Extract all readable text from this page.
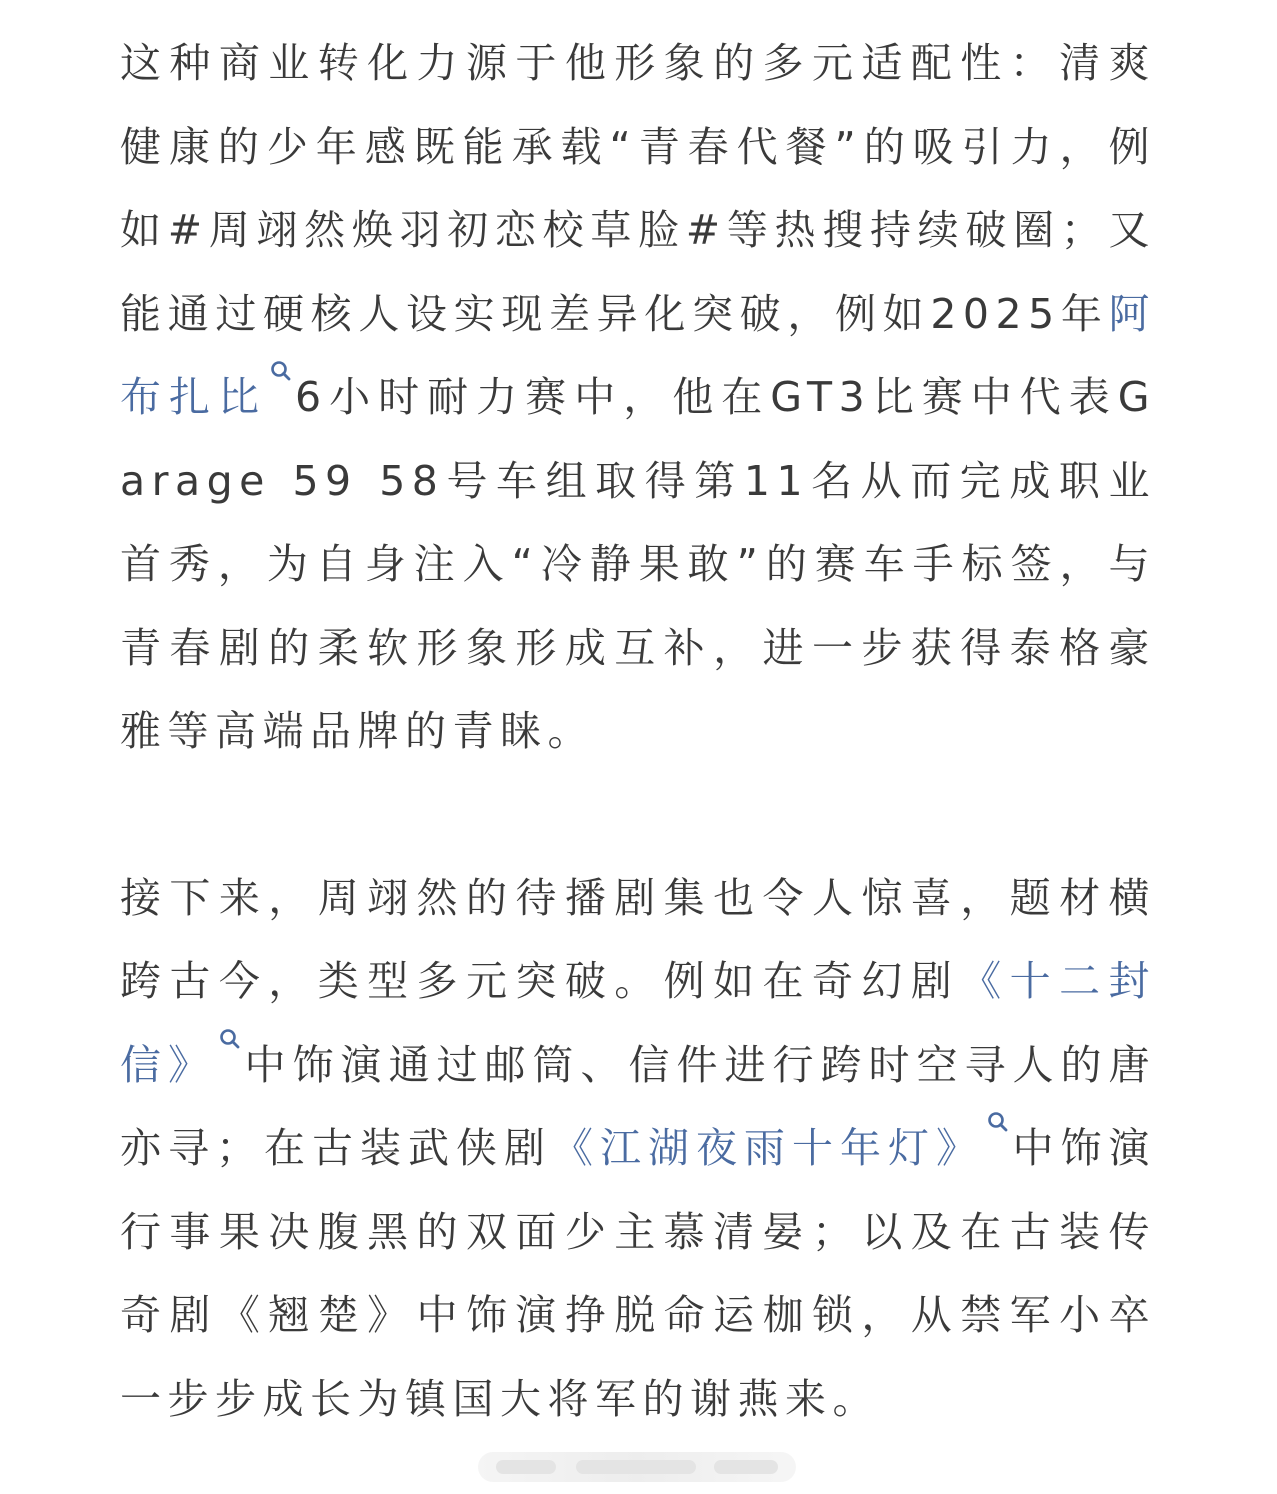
这种商业转化力源于他形象的多元适配性：清爽健康的少年感既能承载“青春代餐”的吸引力，例如#周翊然焕羽初恋校草脸#等热搜持续破圈；又能通过硬核人设实现差异化突破，例如2025年阿布扎比 6小时耐力赛中，他在GT3比赛中代表Garage 59 58号车组取得第11名从而完成职业首秀，为自身注入“冷静果敢”的赛车手标签，与青春剧的柔软形象形成互补，进一步获得泰格豪雅等高端品牌的青睐。

接下来，周翊然的待播剧集也令人惊喜，题材横跨古今，类型多元突破。例如在奇幻剧《十二封信》 中饰演通过邮筒、信件进行跨时空寻人的唐亦寻；在古装武侠剧《江湖夜雨十年灯》 中饰演行事果决腹黑的双面少主慕清晏；以及在古装传奇剧《翘楚》中饰演挣脱命运枷锁，从禁军小卒一步步成长为镇国大将军的谢燕来。
